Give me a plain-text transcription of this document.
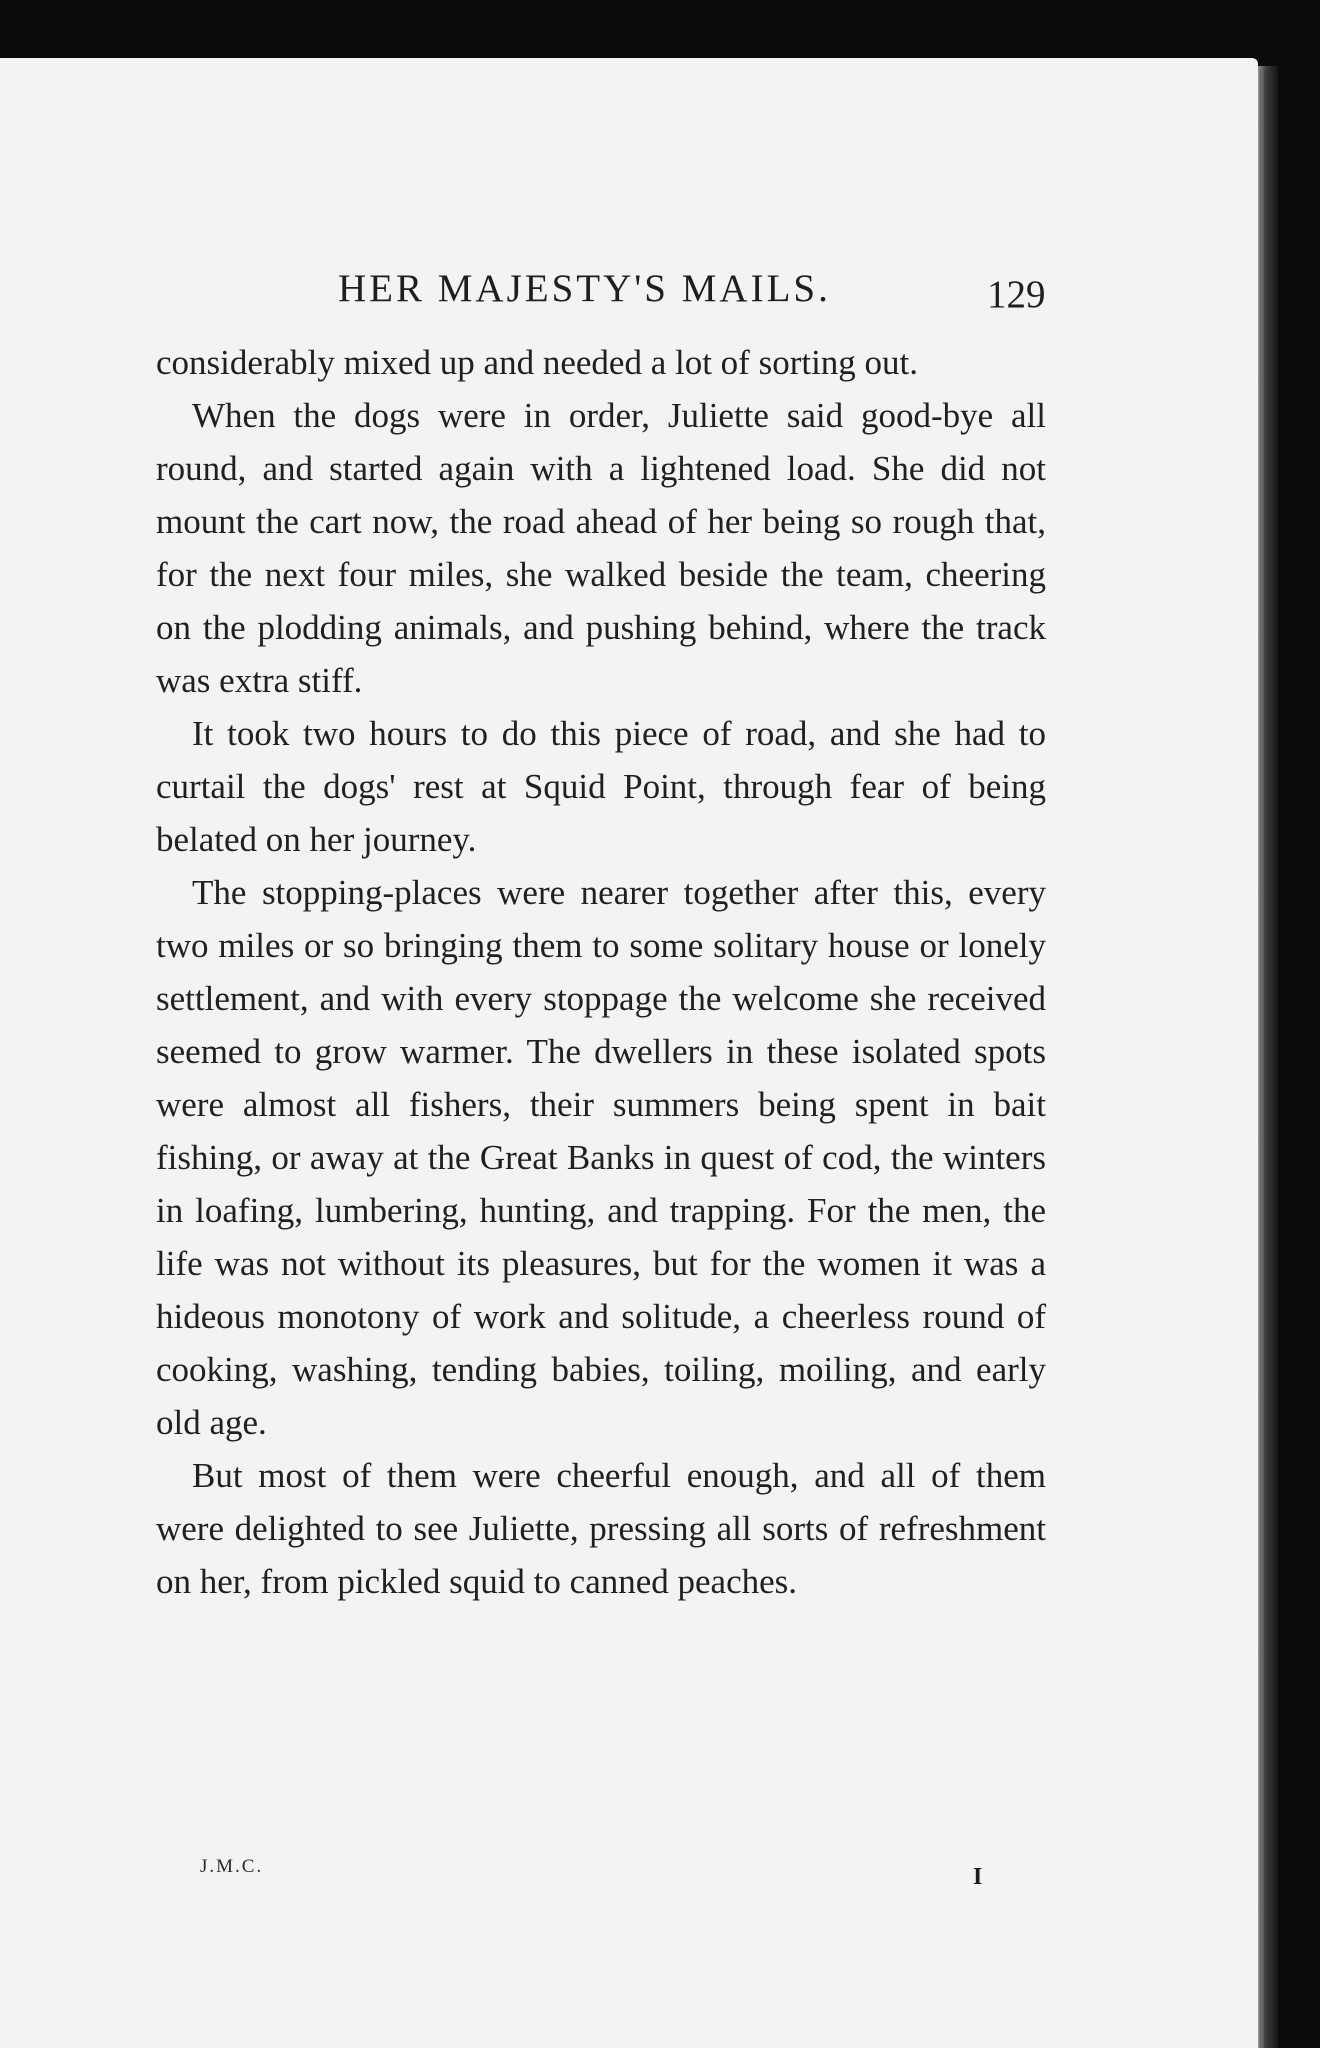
HER MAJESTY'S MAILS.	129

considerably mixed up and needed a lot of sorting out.

When the dogs were in order, Juliette said good-bye all round, and started again with a lightened load. She did not mount the cart now, the road ahead of her being so rough that, for the next four miles, she walked beside the team, cheering on the plodding animals, and pushing behind, where the track was extra stiff.

It took two hours to do this piece of road, and she had to curtail the dogs' rest at Squid Point, through fear of being belated on her journey.

The stopping-places were nearer together after this, every two miles or so bringing them to some solitary house or lonely settlement, and with every stoppage the welcome she received seemed to grow warmer. The dwellers in these isolated spots were almost all fishers, their summers being spent in bait fishing, or away at the Great Banks in quest of cod, the winters in loafing, lumbering, hunting, and trapping. For the men, the life was not without its pleasures, but for the women it was a hideous monotony of work and solitude, a cheerless round of cooking, washing, tending babies, toiling, moiling, and early old age.

But most of them were cheerful enough, and all of them were delighted to see Juliette, pressing all sorts of refreshment on her, from pickled squid to canned peaches.

J.M.C.	I
